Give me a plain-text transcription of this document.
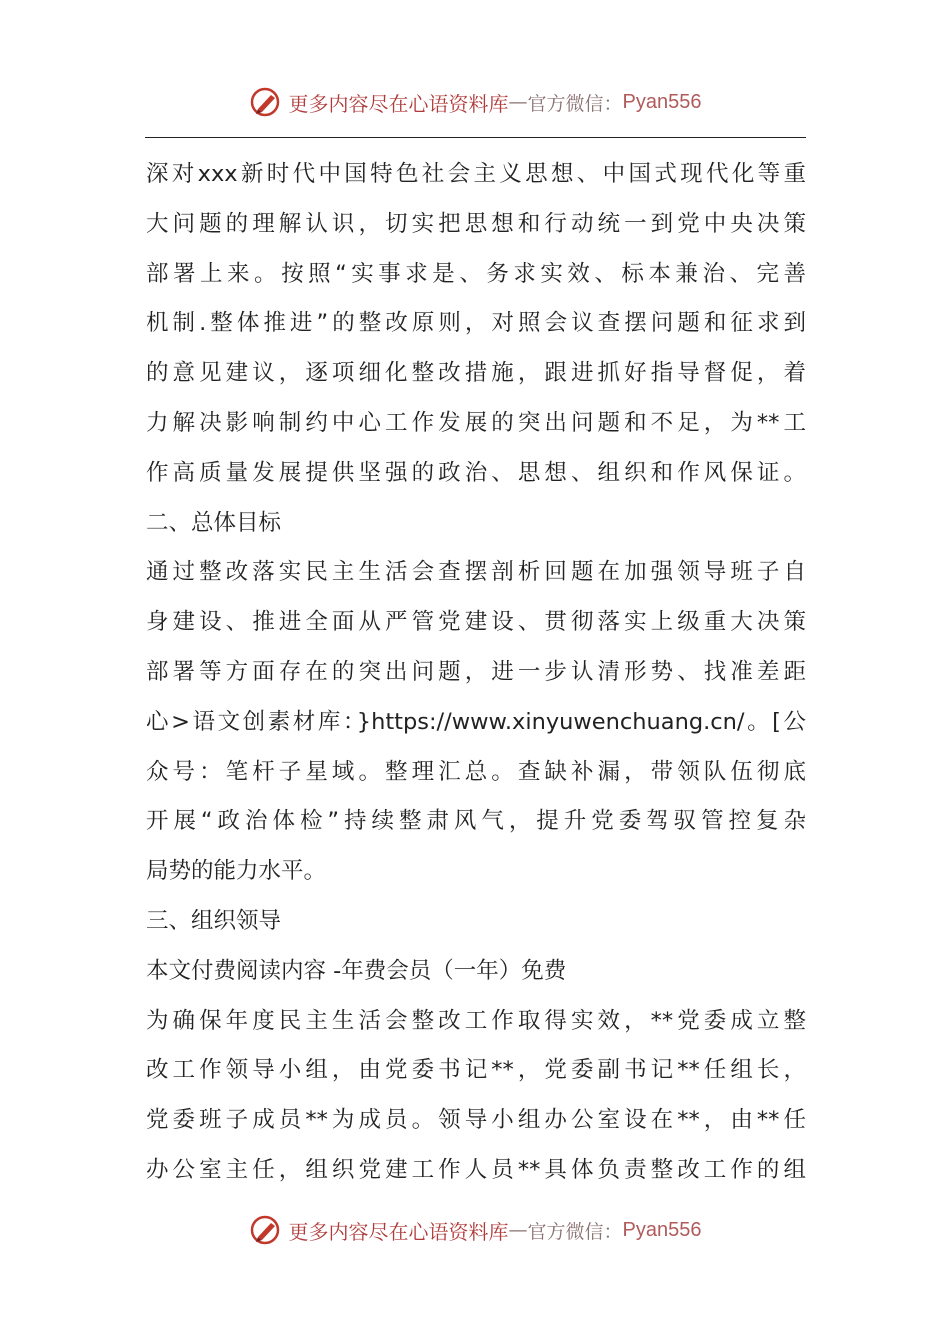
更多内容尽在心语资料库 — 官方微信： Pyan556
深对xxx新时代中国特色社会主义思想、中国式现代化等重
大问题的理解认识，切实把思想和行动统一到党中央决策
部署上来。按照“实事求是、务求实效、标本兼治、完善
机制.整体推进”的整改原则，对照会议查摆问题和征求到
的意见建议，逐项细化整改措施，跟进抓好指导督促，着
力解决影响制约中心工作发展的突出问题和不足，为**工
作高质量发展提供坚强的政治、思想、组织和作风保证。
二、总体目标
通过整改落实民主生活会查摆剖析回题在加强领导班子自
身建设、推进全面从严管党建设、贯彻落实上级重大决策
部署等方面存在的突出问题，进一步认清形势、找准差距
心>语文创素材库：}https://www.xinyuwenchuang.cn/。[公
众号：笔杆子星域。整理汇总。查缺补漏，带领队伍彻底
开展“政治体检”持续整肃风气，提升党委驾驭管控复杂
局势的能力水平。
三、组织领导
本文付费阅读内容 -年费会员（一年）免费
为确保年度民主生活会整改工作取得实效，**党委成立整
改工作领导小组，由党委书记**，党委副书记**任组长，
党委班子成员**为成员。领导小组办公室设在**，由**任
办公室主任，组织党建工作人员**具体负责整改工作的组
更多内容尽在心语资料库 — 官方微信： Pyan556
